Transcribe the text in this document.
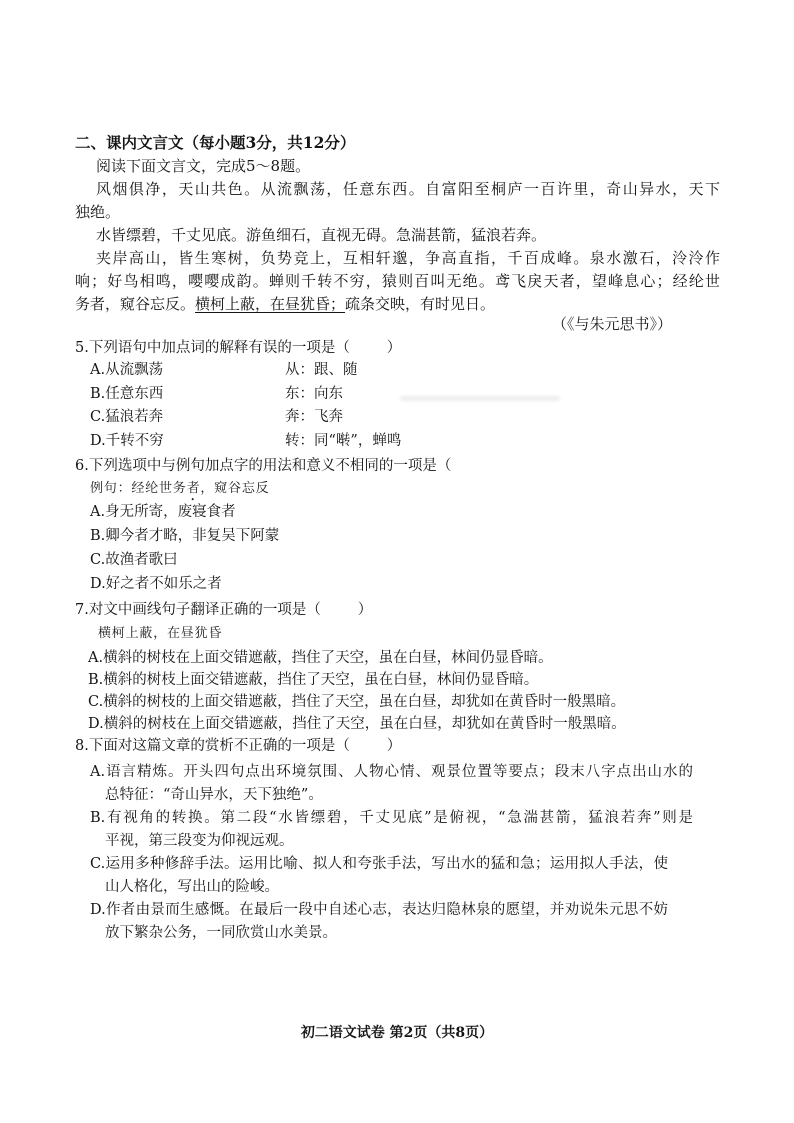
二、课内文言文（每小题3分，共12分）
阅读下面文言文，完成5～8题。
风烟俱净，天山共色。从流飘荡，任意东西。自富阳至桐庐一百许里，奇山异水，天下
独绝。
水皆缥碧，千丈见底。游鱼细石，直视无碍。急湍甚箭，猛浪若奔。
夹岸高山，皆生寒树，负势竞上，互相轩邈，争高直指，千百成峰。泉水激石，泠泠作
响；好鸟相鸣，嘤嘤成韵。蝉则千转不穷，猿则百叫无绝。鸢飞戾天者，望峰息心；经纶世
务者，窥谷忘反。横柯上蔽，在昼犹昏；疏条交映，有时见日。
（《与朱元思书》）
5.下列语句中加点词的解释有误的一项是（        ）
A.从流飘荡	从：跟、随
B.任意东西	东：向东
C.猛浪若奔	奔：飞奔
D.千转不穷	转：同“啭”，蝉鸣
6.下列选项中与例句加点字的用法和意义不相同的一项是（
例句：经纶世务者，窥谷忘反
A.身无所寄，废寝食者
B.卿今者才略，非复吴下阿蒙
C.故渔者歌曰
D.好之者不如乐之者
7.对文中画线句子翻译正确的一项是（        ）
横柯上蔽，在昼犹昏
A.横斜的树枝在上面交错遮蔽，挡住了天空，虽在白昼，林间仍显昏暗。
B.横斜的树枝上面交错遮蔽，挡住了天空，虽在白昼，林间仍显昏暗。
C.横斜的树枝的上面交错遮蔽，挡住了天空，虽在白昼，却犹如在黄昏时一般黑暗。
D.横斜的树枝在上面交错遮蔽，挡住了天空，虽在白昼，却犹如在黄昏时一般黑暗。
8.下面对这篇文章的赏析不正确的一项是（        ）
A.语言精炼。开头四句点出环境氛围、人物心情、观景位置等要点；段末八字点出山水的
总特征：“奇山异水，天下独绝”。
B.有视角的转换。第二段“水皆缥碧，千丈见底”是俯视，“急湍甚箭，猛浪若奔”则是
平视，第三段变为仰视远观。
C.运用多种修辞手法。运用比喻、拟人和夸张手法，写出水的猛和急；运用拟人手法，使
山人格化，写出山的险峻。
D.作者由景而生感慨。在最后一段中自述心志，表达归隐林泉的愿望，并劝说朱元思不妨
放下繁杂公务，一同欣赏山水美景。
初二语文试卷 第2页（共8页）
